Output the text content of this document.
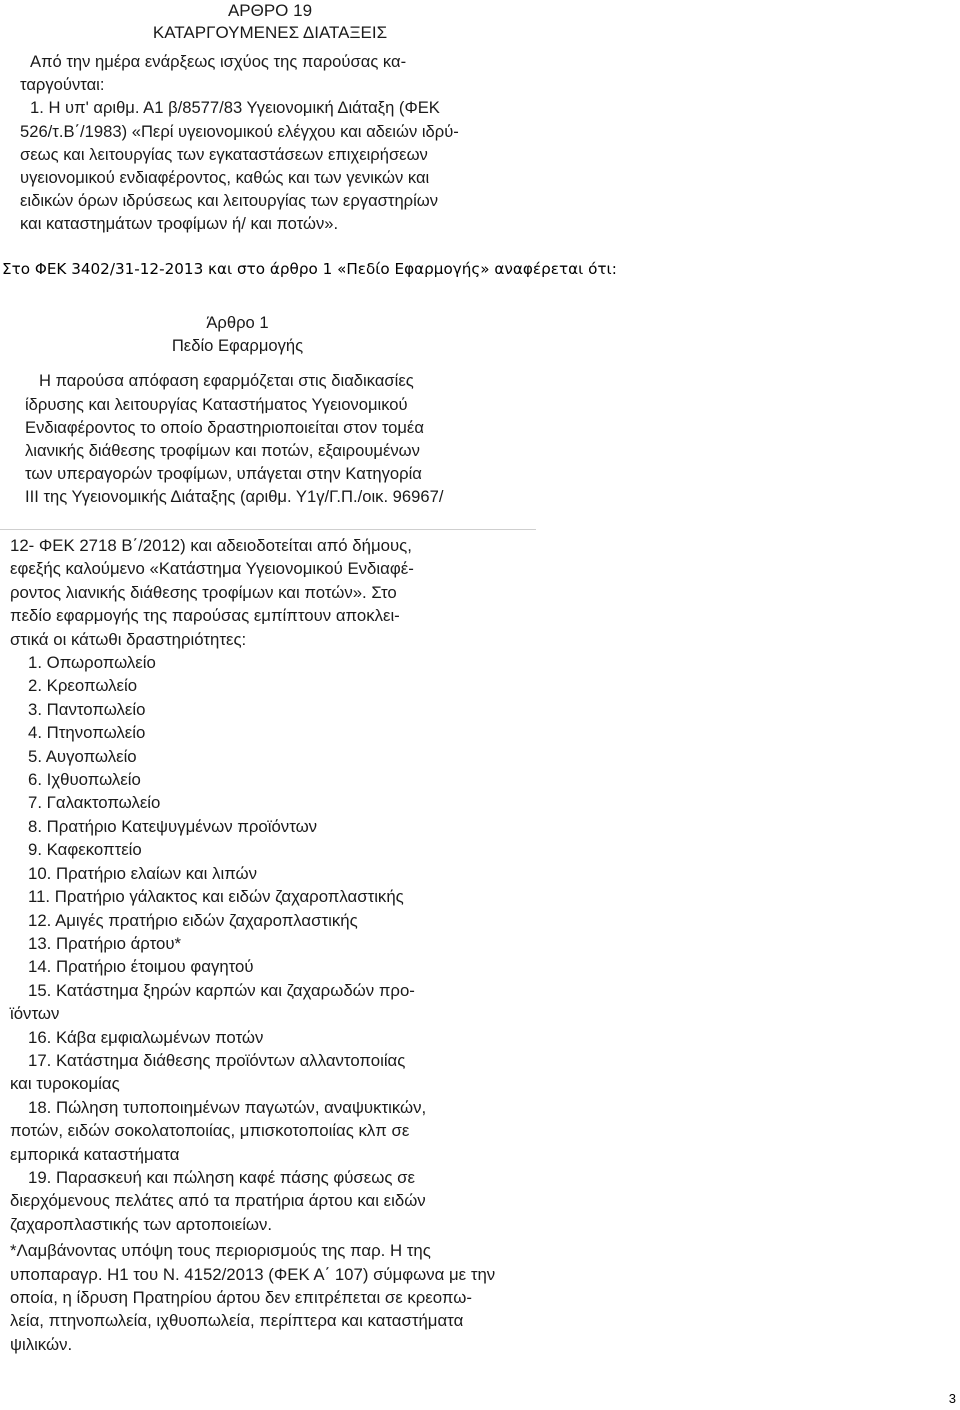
ΑΡΘΡΟ 19

ΚΑΤΑΡΓΟΥΜΕΝΕΣ ΔΙΑΤΑΞΕΙΣ

Από την ημέρα ενάρξεως ισχύος της παρούσας κα-

ταργούνται:

1. Η υπ' αριθμ. Α1 β/8577/83 Υγειονομική Διάταξη (ΦΕΚ

526/τ.Β΄/1983) «Περί υγειονομικού ελέγχου και αδειών ιδρύ-

σεως και λειτουργίας των εγκαταστάσεων επιχειρήσεων

υγειονομικού ενδιαφέροντος, καθώς και των γενικών και

ειδικών όρων ιδρύσεως και λειτουργίας των εργαστηρίων

και καταστημάτων τροφίμων ή/ και ποτών».

Στο ΦΕΚ 3402/31-12-2013 και στο άρθρο 1 «Πεδίο Εφαρμογής» αναφέρεται ότι:

Άρθρο 1

Πεδίο Εφαρμογής

Η παρούσα απόφαση εφαρμόζεται στις διαδικασίες

ίδρυσης και λειτουργίας Καταστήματος Υγειονομικού

Ενδιαφέροντος το οποίο δραστηριοποιείται στον τομέα

λιανικής διάθεσης τροφίμων και ποτών, εξαιρουμένων

των υπεραγορών τροφίμων, υπάγεται στην Κατηγορία

ΙΙΙ της Υγειονομικής Διάταξης (αριθμ. Υ1γ/Γ.Π./οικ. 96967/

12- ΦΕΚ 2718 Β΄/2012) και αδειοδοτείται από δήμους,

εφεξής καλούμενο «Κατάστημα Υγειονομικού Ενδιαφέ-

ροντος λιανικής διάθεσης τροφίμων και ποτών». Στο

πεδίο εφαρμογής της παρούσας εμπίπτουν αποκλει-

στικά οι κάτωθι δραστηριότητες:

1. Οπωροπωλείο

2. Κρεοπωλείο

3. Παντοπωλείο

4. Πτηνοπωλείο

5. Αυγοπωλείο

6. Ιχθυοπωλείο

7. Γαλακτοπωλείο

8. Πρατήριο Κατεψυγμένων προϊόντων

9. Καφεκοπτείο

10. Πρατήριο ελαίων και λιπών

11. Πρατήριο γάλακτος και ειδών ζαχαροπλαστικής

12. Αμιγές πρατήριο ειδών ζαχαροπλαστικής

13. Πρατήριο άρτου*

14. Πρατήριο έτοιμου φαγητού

15. Κατάστημα ξηρών καρπών και ζαχαρωδών προ-

ϊόντων

16. Κάβα εμφιαλωμένων ποτών

17. Κατάστημα διάθεσης προϊόντων αλλαντοποιίας

και τυροκομίας

18. Πώληση τυποποιημένων παγωτών, αναψυκτικών,

ποτών, ειδών σοκολατοποιίας, μπισκοτοποιίας κλπ σε

εμπορικά καταστήματα

19. Παρασκευή και πώληση καφέ πάσης φύσεως σε

διερχόμενους πελάτες από τα πρατήρια άρτου και ειδών

ζαχαροπλαστικής των αρτοποιείων.

*Λαμβάνοντας υπόψη τους περιορισμούς της παρ. Η της

υποπαραγρ. Η1 του Ν. 4152/2013 (ΦΕΚ Α΄ 107) σύμφωνα με την

οποία, η ίδρυση Πρατηρίου άρτου δεν επιτρέπεται σε κρεοπω-

λεία, πτηνοπωλεία, ιχθυοπωλεία, περίπτερα και καταστήματα

ψιλικών.

3
